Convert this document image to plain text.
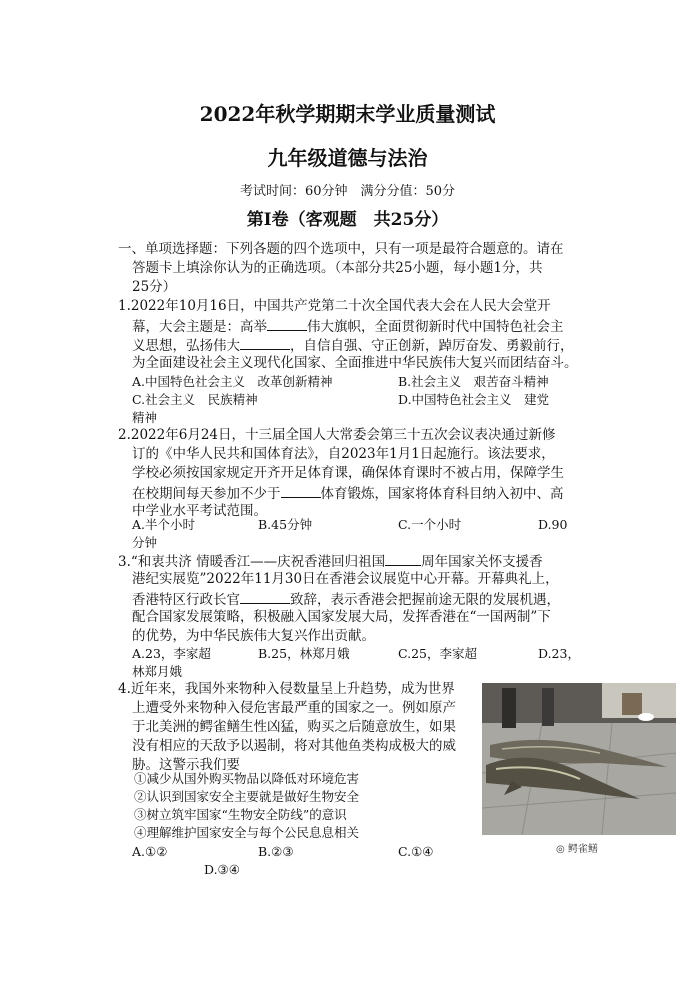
2022年秋学期期末学业质量测试
九年级道德与法治
考试时间：60分钟　满分分值：50分
第Ⅰ卷（客观题　共25分）
一、单项选择题：下列各题的四个选项中，只有一项是最符合题意的。请在
答题卡上填涂你认为的正确选项。（本部分共25小题，每小题1分，共
25分）
1.2022年10月16日，中国共产党第二十次全国代表大会在人民大会堂开
幕，大会主题是：高举	伟大旗帜，全面贯彻新时代中国特色社会主
义思想，弘扬伟大	，自信自强、守正创新，踔厉奋发、勇毅前行，
为全面建设社会主义现代化国家、全面推进中华民族伟大复兴而团结奋斗。
A.中国特色社会主义　改革创新精神	B.社会主义　艰苦奋斗精神
C.社会主义　民族精神	D.中国特色社会主义　建党
精神
2.2022年6月24日，十三届全国人大常委会第三十五次会议表决通过新修
订的《中华人民共和国体育法》，自2023年1月1日起施行。该法要求，
学校必须按国家规定开齐开足体育课，确保体育课时不被占用，保障学生
在校期间每天参加不少于	体育锻炼，国家将体育科目纳入初中、高
中学业水平考试范围。
A.半个小时	B.45分钟	C.一个小时	D.90
分钟
3.“和衷共济 情暖香江——庆祝香港回归祖国	周年国家关怀支援香
港纪实展览”2022年11月30日在香港会议展览中心开幕。开幕典礼上，
香港特区行政长官	致辞，表示香港会把握前途无限的发展机遇，
配合国家发展策略，积极融入国家发展大局，发挥香港在“一国两制”下
的优势，为中华民族伟大复兴作出贡献。
A.23，李家超	B.25，林郑月娥	C.25，李家超	D.23，
林郑月娥
4.近年来，我国外来物种入侵数量呈上升趋势，成为世界
上遭受外来物种入侵危害最严重的国家之一。例如原产
于北美洲的鳄雀鳝生性凶猛，购买之后随意放生，如果
没有相应的天敌予以遏制，将对其他鱼类构成极大的威
胁。这警示我们要
①减少从国外购买物品以降低对环境危害
②认识到国家安全主要就是做好生物安全
③树立筑牢国家“生物安全防线”的意识
④理解维护国家安全与每个公民息息相关
A.①②	B.②③	C.①④
D.③④
◎ 鳄雀鳝
